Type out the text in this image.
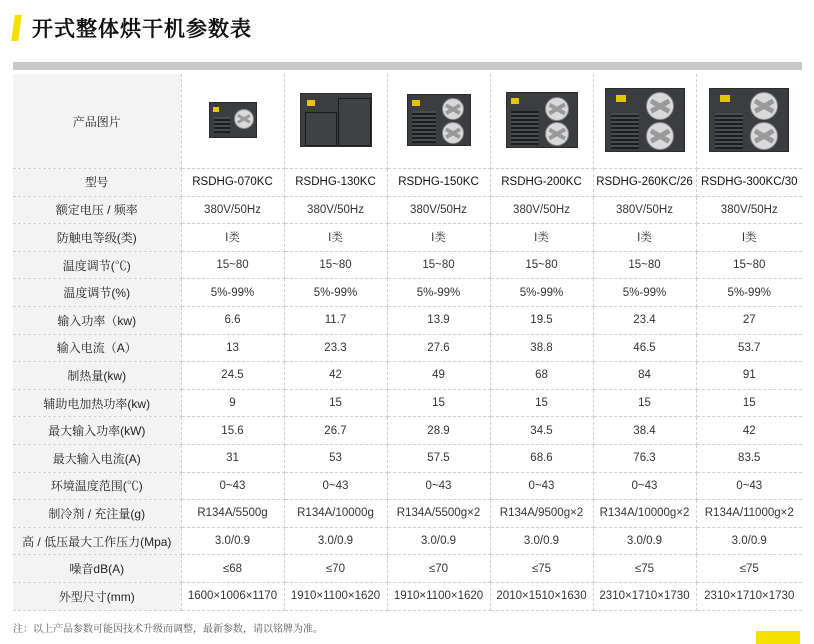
开式整体烘干机参数表
产品图片	

型号	RSDHG-070KC	RSDHG-130KC	RSDHG-150KC	RSDHG-200KC	RSDHG-260KC/26	RSDHG-300KC/30
额定电压 / 频率	380V/50Hz	380V/50Hz	380V/50Hz	380V/50Hz	380V/50Hz	380V/50Hz
防触电等级(类)	I类	I类	I类	I类	I类	I类
温度调节(℃)	15~80	15~80	15~80	15~80	15~80	15~80
温度调节(%)	5%-99%	5%-99%	5%-99%	5%-99%	5%-99%	5%-99%
输入功率（kw)	6.6	11.7	13.9	19.5	23.4	27
输入电流（A）	13	23.3	27.6	38.8	46.5	53.7
制热量(kw)	24.5	42	49	68	84	91
辅助电加热功率(kw)	9	15	15	15	15	15
最大输入功率(kW)	15.6	26.7	28.9	34.5	38.4	42
最大输入电流(A)	31	53	57.5	68.6	76.3	83.5
环境温度范围(℃)	0~43	0~43	0~43	0~43	0~43	0~43
制冷剂 / 充注量(g)	R134A/5500g	R134A/10000g	R134A/5500g×2	R134A/9500g×2	R134A/10000g×2	R134A/11000g×2
高 / 低压最大工作压力(Mpa)	3.0/0.9	3.0/0.9	3.0/0.9	3.0/0.9	3.0/0.9	3.0/0.9
噪音dB(A)	≤68	≤70	≤70	≤75	≤75	≤75
外型尺寸(mm)	1600×1006×1170	1910×1100×1620	1910×1100×1620	2010×1510×1630	2310×1710×1730	2310×1710×1730
注：以上产品参数可能因技术升级而调整，最新参数，请以铭牌为准。
